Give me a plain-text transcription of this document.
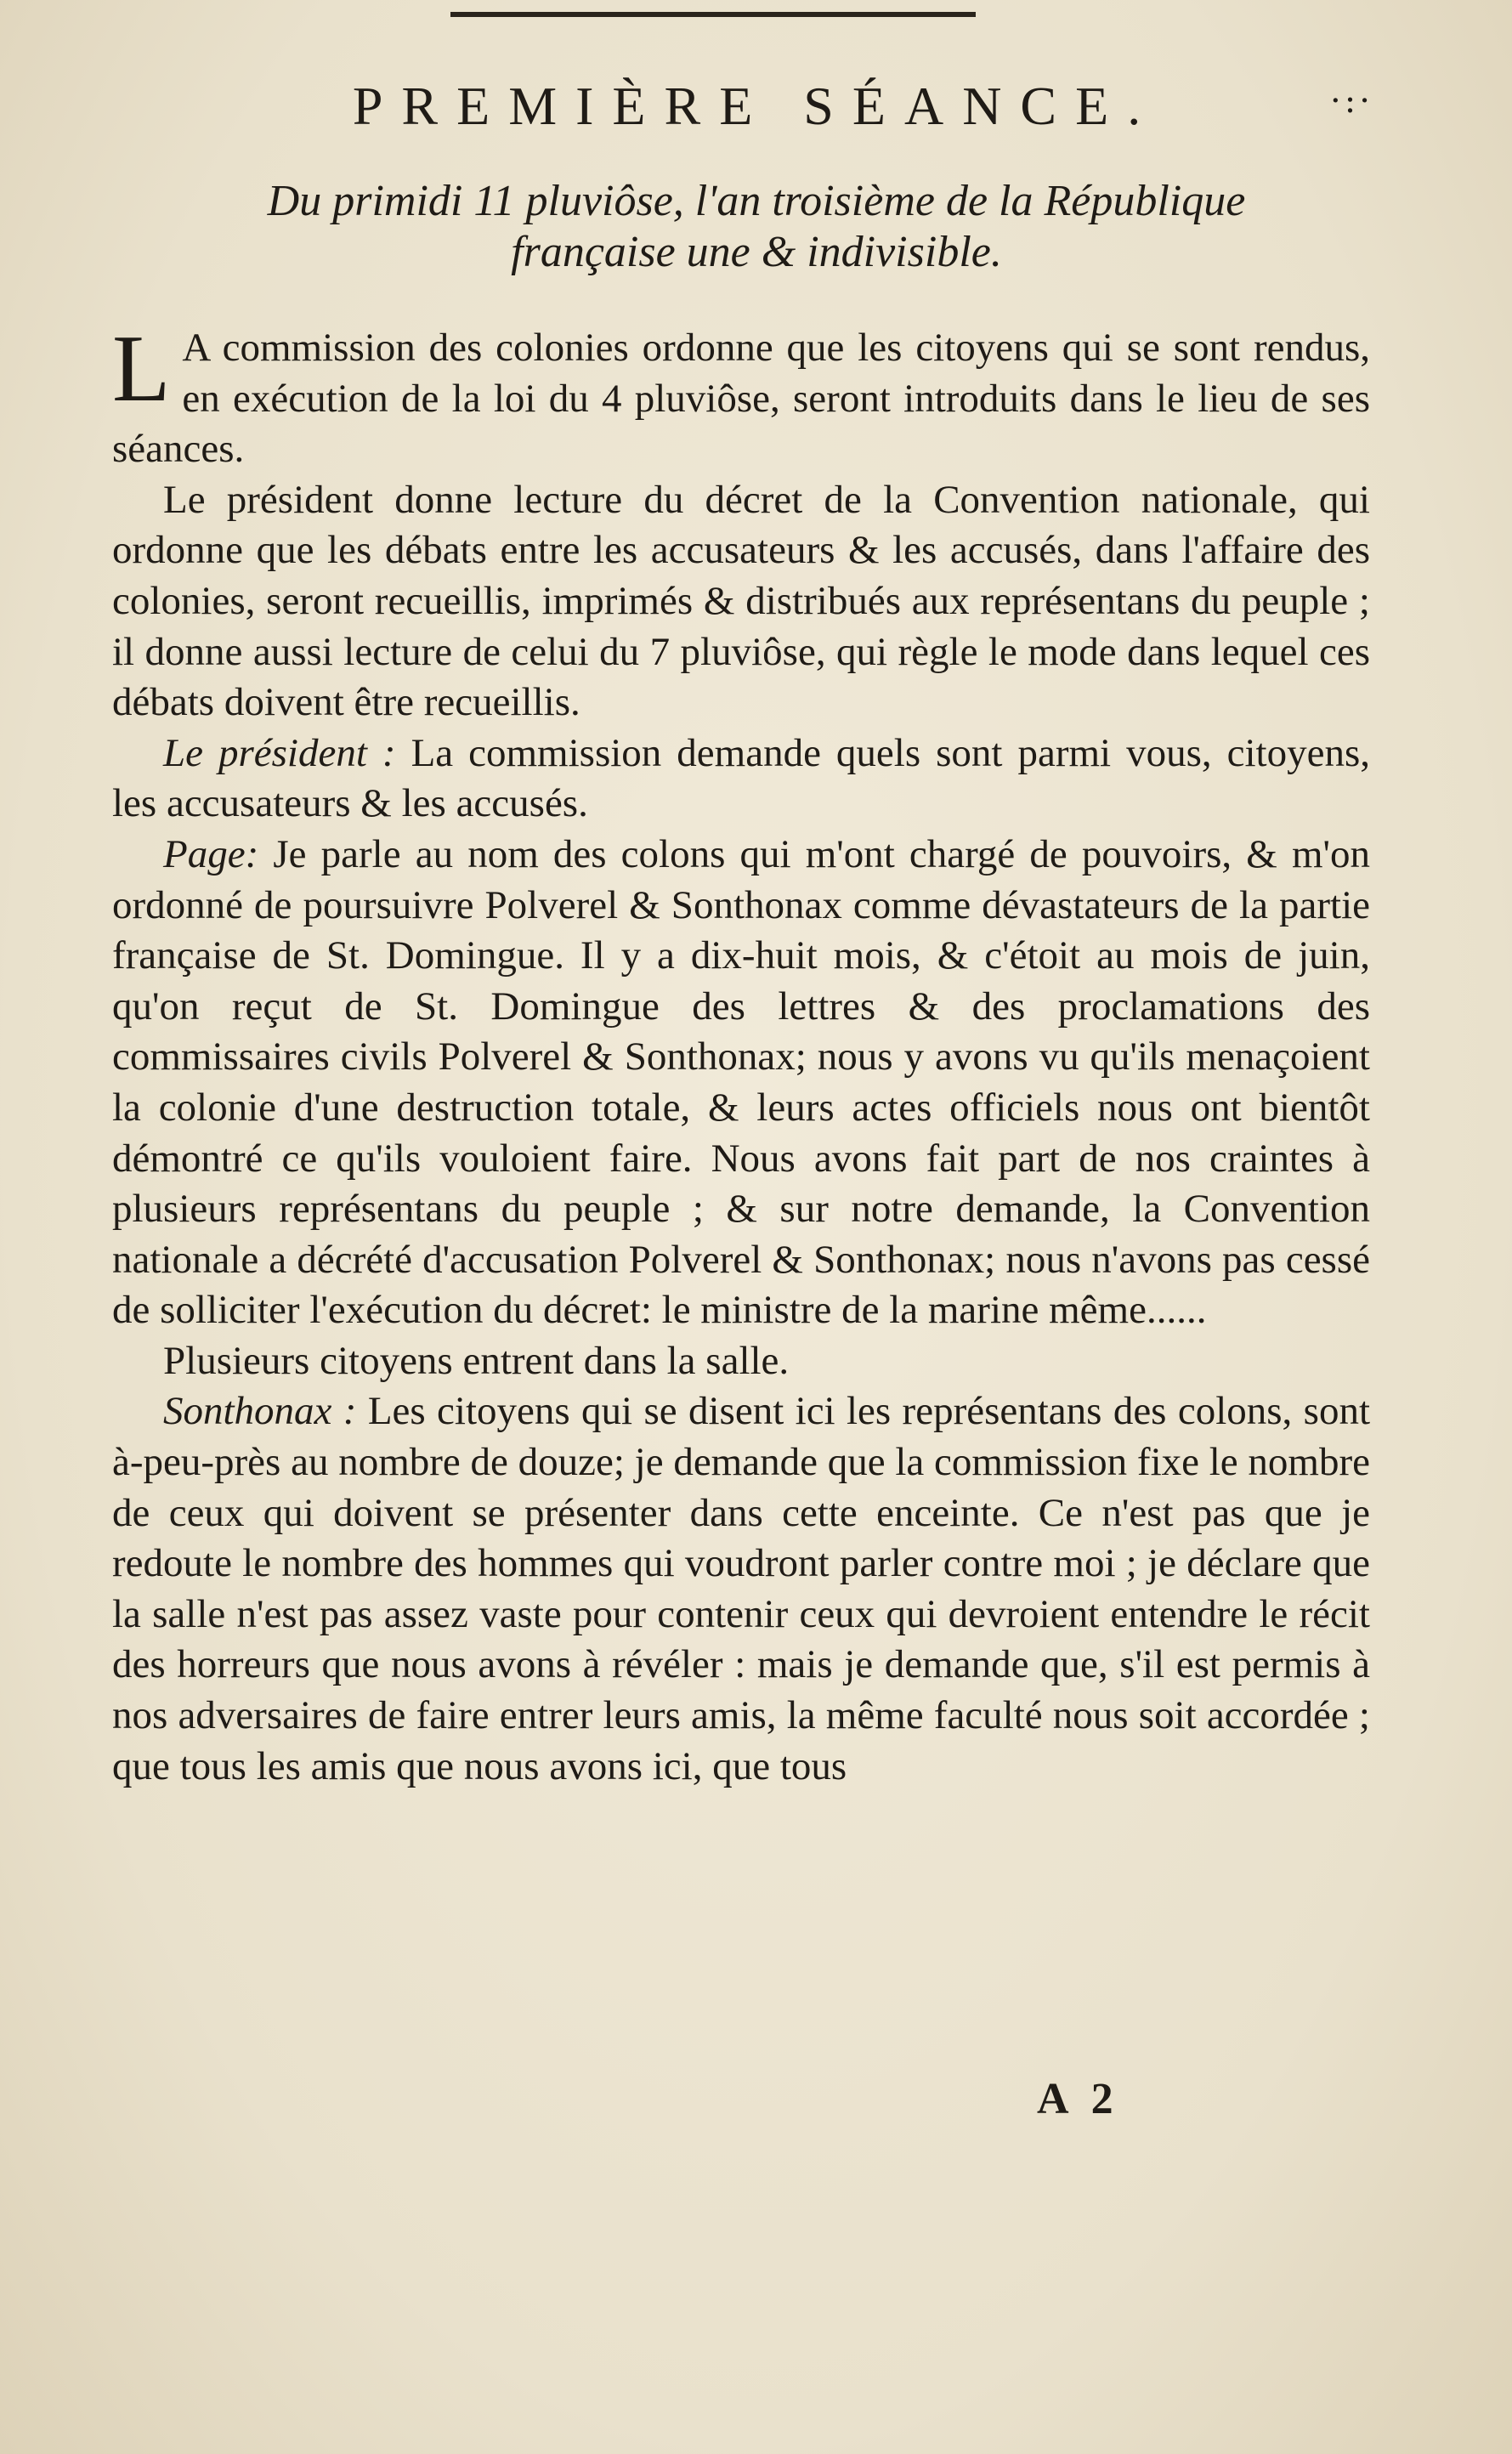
PREMIÈRE SÉANCE.	·:·
Du primidi 11 pluviôse, l'an troisième de la République
française une & indivisible.

L A commission des colonies ordonne que les citoyens qui se sont rendus, en exécution de la loi du 4 pluviôse, seront introduits dans le lieu de ses séances.

Le président donne lecture du décret de la Convention nationale, qui ordonne que les débats entre les accusateurs & les accusés, dans l'affaire des colonies, seront recueillis, imprimés & distribués aux représentans du peuple ; il donne aussi lecture de celui du 7 pluviôse, qui règle le mode dans lequel ces débats doivent être recueillis.

Le président : La commission demande quels sont parmi vous, citoyens, les accusateurs & les accusés.

Page: Je parle au nom des colons qui m'ont chargé de pouvoirs, & m'on ordonné de poursuivre Polverel & Sonthonax comme dévastateurs de la partie française de St. Domingue. Il y a dix-huit mois, & c'étoit au mois de juin, qu'on reçut de St. Domingue des lettres & des proclamations des commissaires civils Polverel & Sonthonax; nous y avons vu qu'ils menaçoient la colonie d'une destruction totale, & leurs actes officiels nous ont bientôt démontré ce qu'ils vouloient faire. Nous avons fait part de nos craintes à plusieurs représentans du peuple ; & sur notre demande, la Convention nationale a décrété d'accusation Polverel & Sonthonax; nous n'avons pas cessé de solliciter l'exécution du décret: le ministre de la marine même......

Plusieurs citoyens entrent dans la salle.

Sonthonax : Les citoyens qui se disent ici les représentans des colons, sont à-peu-près au nombre de douze; je demande que la commission fixe le nombre de ceux qui doivent se présenter dans cette enceinte. Ce n'est pas que je redoute le nombre des hommes qui voudront parler contre moi ; je déclare que la salle n'est pas assez vaste pour contenir ceux qui devroient entendre le récit des horreurs que nous avons à révéler : mais je demande que, s'il est permis à nos adversaires de faire entrer leurs amis, la même faculté nous soit accordée ; que tous les amis que nous avons ici, que tous

A 2
